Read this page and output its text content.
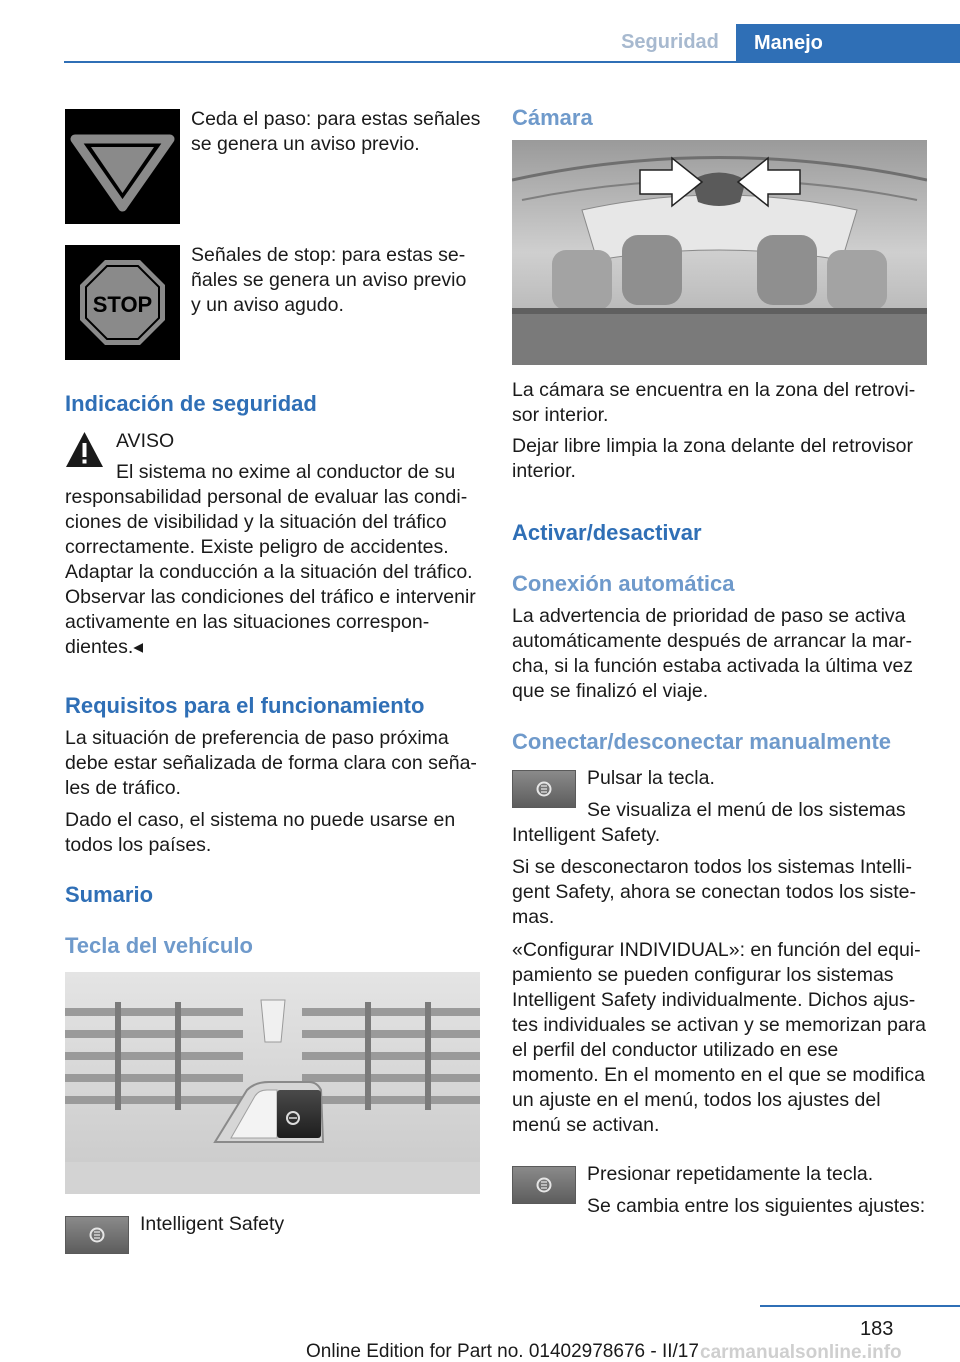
Seguridad	Manejo
Ceda el paso: para estas señales se genera un aviso previo.
STOP
Señales de stop: para estas señales se genera un aviso previo y un aviso agudo.
Indicación de seguridad
AVISO
El sistema no exime al conductor de su responsabilidad personal de evaluar las condiciones de visibilidad y la situación del tráfico correctamente. Existe peligro de accidentes. Adaptar la conducción a la situación del tráfico. Observar las condiciones del tráfico e intervenir activamente en las situaciones correspondientes.◂
Requisitos para el funcionamiento
La situación de preferencia de paso próxima debe estar señalizada de forma clara con señales de tráfico.
Dado el caso, el sistema no puede usarse en todos los países.
Sumario
Tecla del vehículo
Intelligent Safety
Cámara
La cámara se encuentra en la zona del retrovisor interior.
Dejar libre limpia la zona delante del retrovisor interior.
Activar/desactivar
Conexión automática
La advertencia de prioridad de paso se activa automáticamente después de arrancar la marcha, si la función estaba activada la última vez que se finalizó el viaje.
Conectar/desconectar manualmente
Pulsar la tecla.
Se visualiza el menú de los sistemas Intelligent Safety.
Si se desconectaron todos los sistemas Intelligent Safety, ahora se conectan todos los sistemas.
«Configurar INDIVIDUAL»: en función del equipamiento se pueden configurar los sistemas Intelligent Safety individualmente. Dichos ajustes individuales se activan y se memorizan para el perfil del conductor utilizado en ese momento. En el momento en el que se modifica un ajuste en el menú, todos los ajustes del menú se activan.
Presionar repetidamente la tecla.
Se cambia entre los siguientes ajustes:
183
Online Edition for Part no. 01402978676 - II/17 carmanualsonline.info
